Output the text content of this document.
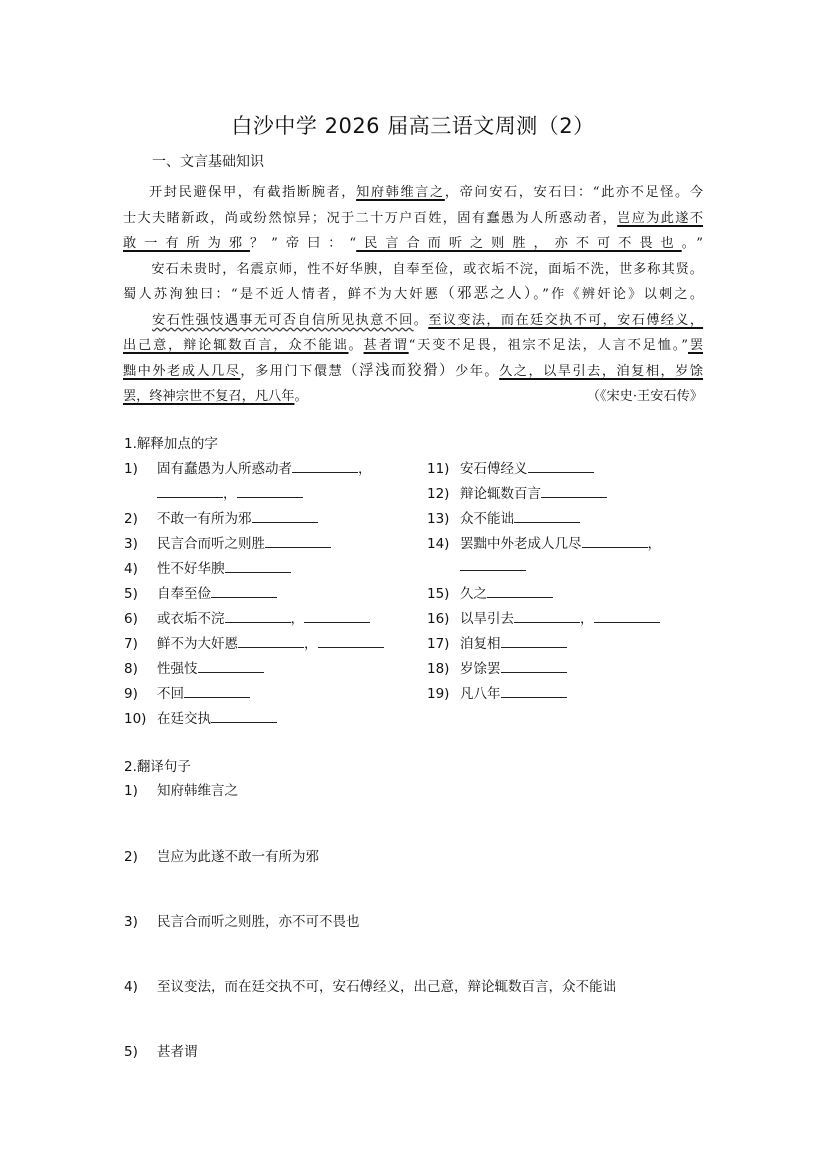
白沙中学 2026 届高三语文周测（2）
一、文言基础知识
开封民避保甲，有截指断腕者，知府韩维言之，帝问安石，安石曰：“此亦不足怪。今
士大夫睹新政，尚或纷然惊异；况于二十万户百姓，固有蠢愚为人所惑动者，岂应为此遂不
敢一有所为邪？”帝曰：“民言合而听之则胜，亦不可不畏也。”
　　安石未贵时，名震京师，性不好华腴，自奉至俭，或衣垢不浣，面垢不洗，世多称其贤。
蜀人苏洵独曰：“是不近人情者，鲜不为大奸慝（邪恶之人）。”作《辨奸论》以刺之。
　　安石性强忮遇事无可否自信所见执意不回。至议变法，而在廷交执不可，安石傅经义，
出己意，辩论辄数百言，众不能诎。甚者谓“天变不足畏，祖宗不足法，人言不足恤。”罢
黜中外老成人几尽，多用门下儇慧（浮浅而狡猾）少年。久之，以旱引去，洎复相，岁馀
罢，终神宗世不复召，凡八年。	（《宋史·王安石传》
1.解释加点的字
1) 固有蠢愚为人所惑动者	，
2) 不敢一有所为邪
3) 民言合而听之则胜
4) 性不好华腴
5) 自奉至俭
6) 或衣垢不浣	，
7) 鲜不为大奸慝	，
8) 性强忮
9) 不回
10) 在廷交执
，
11) 安石傅经义
12) 辩论辄数百言
13) 众不能诎
14) 罢黜中外老成人几尽	，
15) 久之
16) 以旱引去	，
17) 洎复相
18) 岁馀罢
19) 凡八年
2.翻译句子
1) 知府韩维言之
2) 岂应为此遂不敢一有所为邪
3) 民言合而听之则胜，亦不可不畏也
4) 至议变法，而在廷交执不可，安石傅经义，出己意，辩论辄数百言，众不能诎
5) 甚者谓
